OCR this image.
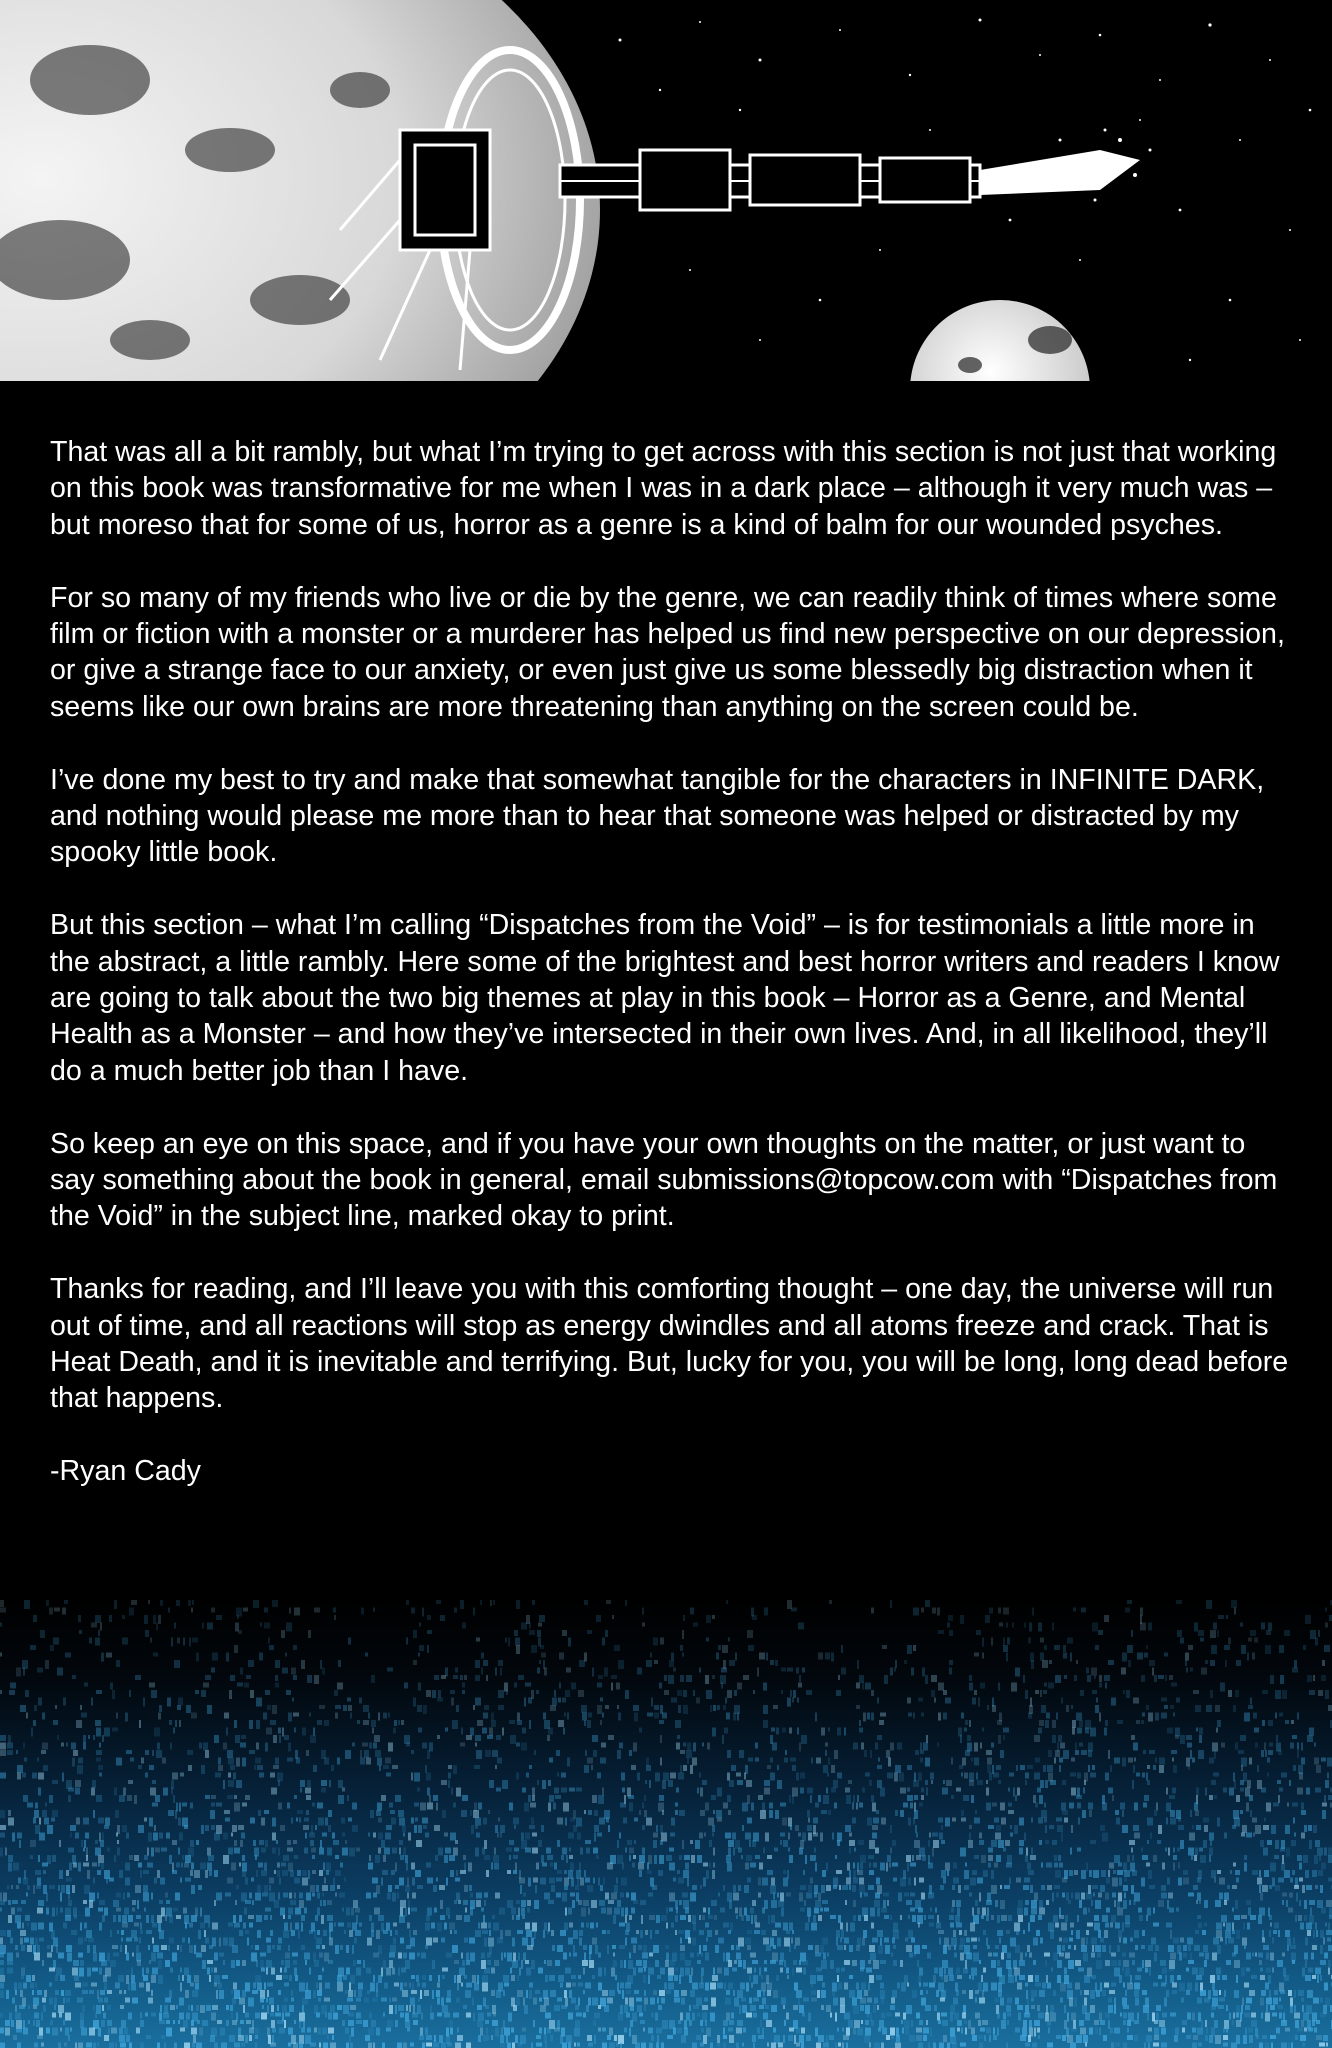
That was all a bit rambly, but what I’m trying to get across with this section is not just that working on this book was transformative for me when I was in a dark place – although it very much was – but moreso that for some of us, horror as a genre is a kind of balm for our wounded psyches.

For so many of my friends who live or die by the genre, we can readily think of times where some film or fiction with a monster or a murderer has helped us find new perspective on our depression, or give a strange face to our anxiety, or even just give us some blessedly big distraction when it seems like our own brains are more threatening than anything on the screen could be.

I’ve done my best to try and make that somewhat tangible for the characters in INFINITE DARK, and nothing would please me more than to hear that someone was helped or distracted by my spooky little book.

But this section – what I’m calling “Dispatches from the Void” – is for testimonials a little more in the abstract, a little rambly. Here some of the brightest and best horror writers and readers I know are going to talk about the two big themes at play in this book – Horror as a Genre, and Mental Health as a Monster – and how they’ve intersected in their own lives. And, in all likelihood, they’ll do a much better job than I have.

So keep an eye on this space, and if you have your own thoughts on the matter, or just want to say something about the book in general, email submissions@topcow.com with “Dispatches from the Void” in the subject line, marked okay to print.

Thanks for reading, and I’ll leave you with this comforting thought – one day, the universe will run out of time, and all reactions will stop as energy dwindles and all atoms freeze and crack. That is Heat Death, and it is inevitable and terrifying. But, lucky for you, you will be long, long dead before that happens.

-Ryan Cady
